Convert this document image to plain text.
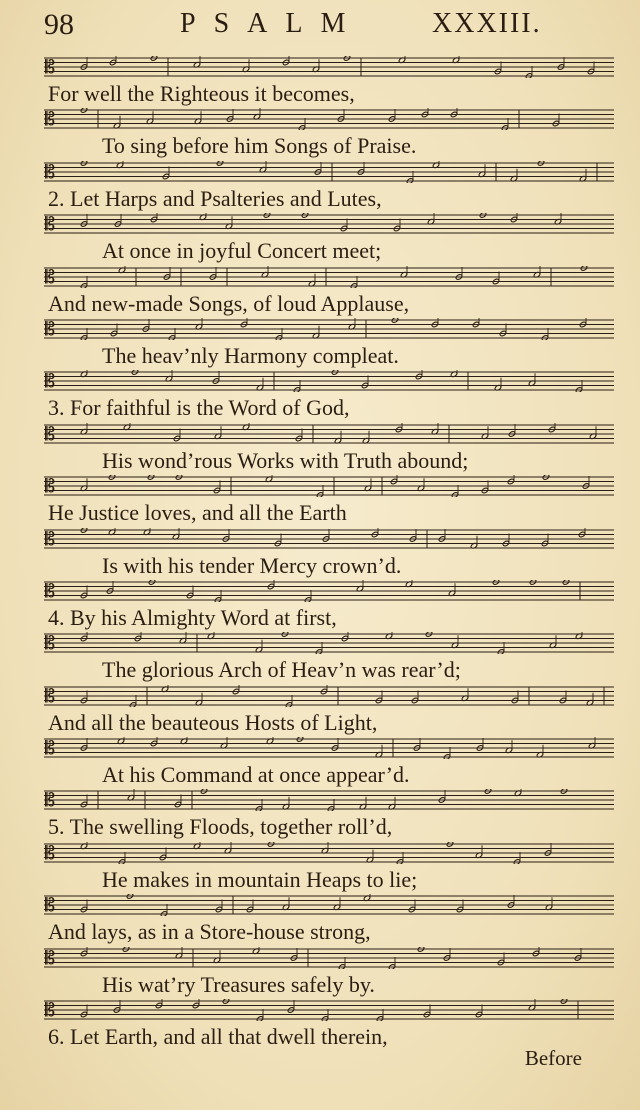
98	PSALM XXXIII.
𝄡
For well the Righteous it becomes,
𝄡
To sing before him Songs of Praise.
𝄡
2. Let Harps and Psalteries and Lutes,
𝄡
At once in joyful Concert meet;
𝄡
And new-made Songs, of loud Applause,
𝄡
The heav’nly Harmony compleat.
𝄡
3. For faithful is the Word of God,
𝄡
His wond’rous Works with Truth abound;
𝄡
He Justice loves, and all the Earth
𝄡
Is with his tender Mercy crown’d.
𝄡
4. By his Almighty Word at first,
𝄡
The glorious Arch of Heav’n was rear’d;
𝄡
And all the beauteous Hosts of Light,
𝄡
At his Command at once appear’d.
𝄡
5. The swelling Floods, together roll’d,
𝄡
He makes in mountain Heaps to lie;
𝄡
And lays, as in a Store-house strong,
𝄡
His wat’ry Treasures safely by.
𝄡
6. Let Earth, and all that dwell therein,
Before
